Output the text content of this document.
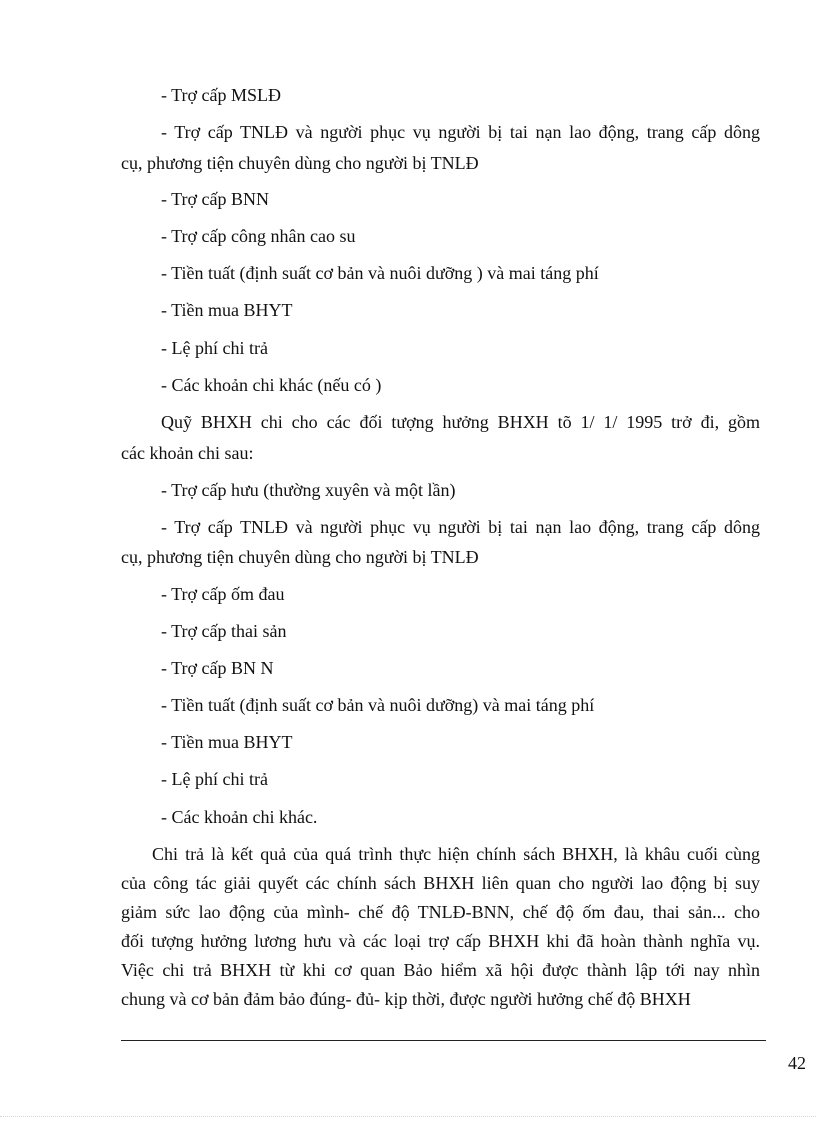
- Trợ cấp MSLĐ
- Trợ cấp TNLĐ và người phục vụ người bị tai nạn lao động, trang cấp dông
cụ, phương tiện chuyên dùng cho người bị TNLĐ
- Trợ cấp BNN
- Trợ cấp công nhân cao su
- Tiền tuất (định suất cơ bản và nuôi dưỡng ) và mai táng phí
- Tiền mua BHYT
- Lệ phí chi trả
- Các khoản chi khác (nếu có )
Quỹ BHXH chi cho các đối tượng hưởng BHXH tõ 1/ 1/ 1995 trở đi, gồm
các khoản chi sau:
- Trợ cấp hưu (thường xuyên và một lần)
- Trợ cấp TNLĐ và người phục vụ người bị tai nạn lao động, trang cấp dông
cụ, phương tiện chuyên dùng cho người bị TNLĐ
- Trợ cấp ốm đau
- Trợ cấp thai sản
- Trợ cấp BN N
- Tiền tuất (định suất cơ bản và nuôi dưỡng) và mai táng phí
- Tiền mua BHYT
- Lệ phí chi trả
- Các khoản chi khác.
Chi trả là kết quả của quá trình thực hiện chính sách BHXH, là khâu cuối cùng
của công tác giải quyết các chính sách BHXH liên quan cho người lao động bị suy
giảm sức lao động của mình- chế độ TNLĐ-BNN, chế độ ốm đau, thai sản... cho
đối tượng hưởng lương hưu và các loại trợ cấp BHXH khi đã hoàn thành nghĩa vụ.
Việc chi trả BHXH từ khi cơ quan Bảo hiểm xã hội được thành lập tới nay nhìn
chung và cơ bản đảm bảo đúng- đủ- kịp thời, được người hưởng chế độ BHXH
42
